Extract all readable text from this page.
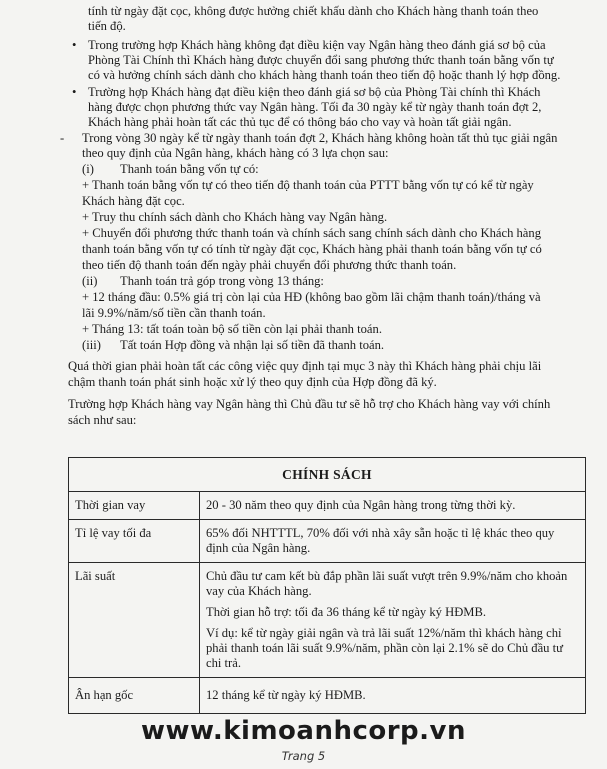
tính từ ngày đặt cọc, không được hưởng chiết khấu dành cho Khách hàng thanh toán theo

tiến độ.

• Trong trường hợp Khách hàng không đạt điều kiện vay Ngân hàng theo đánh giá sơ bộ của

Phòng Tài Chính thì Khách hàng được chuyển đổi sang phương thức thanh toán bằng vốn tự

có và hưởng chính sách dành cho khách hàng thanh toán theo tiến độ hoặc thanh lý hợp đồng.

• Trường hợp Khách hàng đạt điều kiện theo đánh giá sơ bộ của Phòng Tài chính thì Khách

hàng được chọn phương thức vay Ngân hàng. Tối đa 30 ngày kể từ ngày thanh toán đợt 2,

Khách hàng phải hoàn tất các thủ tục để có thông báo cho vay và hoàn tất giải ngân.

- Trong vòng 30 ngày kể từ ngày thanh toán đợt 2, Khách hàng không hoàn tất thủ tục giải ngân

theo quy định của Ngân hàng, khách hàng có 3 lựa chọn sau:

(i) Thanh toán bằng vốn tự có:

+ Thanh toán bằng vốn tự có theo tiến độ thanh toán của PTTT bằng vốn tự có kể từ ngày

Khách hàng đặt cọc.

+ Truy thu chính sách dành cho Khách hàng vay Ngân hàng.

+ Chuyển đổi phương thức thanh toán và chính sách sang chính sách dành cho Khách hàng

thanh toán bằng vốn tự có tính từ ngày đặt cọc, Khách hàng phải thanh toán bằng vốn tự có

theo tiến độ thanh toán đến ngày phải chuyển đổi phương thức thanh toán.

(ii) Thanh toán trả góp trong vòng 13 tháng:

+ 12 tháng đầu: 0.5% giá trị còn lại của HĐ (không bao gồm lãi chậm thanh toán)/tháng và

lãi 9.9%/năm/số tiền cần thanh toán.

+ Tháng 13: tất toán toàn bộ số tiền còn lại phải thanh toán.

(iii) Tất toán Hợp đồng và nhận lại số tiền đã thanh toán.

Quá thời gian phải hoàn tất các công việc quy định tại mục 3 này thì Khách hàng phải chịu lãi

chậm thanh toán phát sinh hoặc xử lý theo quy định của Hợp đồng đã ký.

Trường hợp Khách hàng vay Ngân hàng thì Chủ đầu tư sẽ hỗ trợ cho Khách hàng vay với chính

sách như sau:

CHÍNH SÁCH	
Thời gian vay	20 - 30 năm theo quy định của Ngân hàng trong từng thời kỳ.
Tỉ lệ vay tối đa	65% đối NHTTTL, 70% đối với nhà xây sẵn hoặc tỉ lệ khác theo quy định của Ngân hàng.
Lãi suất	Chủ đầu tư cam kết bù đắp phần lãi suất vượt trên 9.9%/năm cho khoản vay của Khách hàng.

Thời gian hỗ trợ: tối đa 36 tháng kể từ ngày ký HĐMB.

Ví dụ: kể từ ngày giải ngân và trả lãi suất 12%/năm thì khách hàng chỉ phải thanh toán lãi suất 9.9%/năm, phần còn lại 2.1% sẽ do Chủ đầu tư chi trả.

Ân hạn gốc	12 tháng kể từ ngày ký HĐMB.
www.kimoanhcorp.vn
Trang 5
